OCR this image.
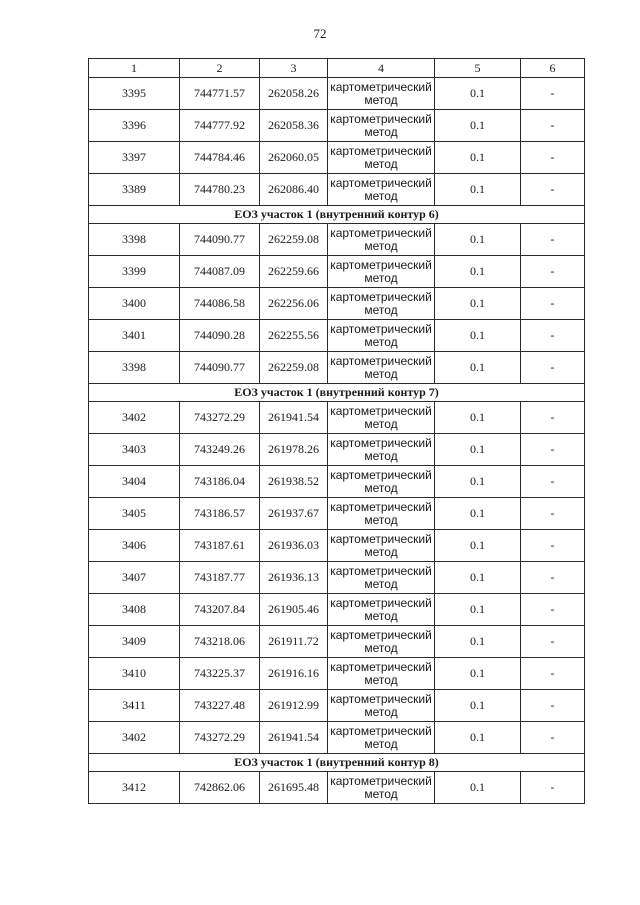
72
1	2	3	4	5	6
3395	744771.57	262058.26	картометрический метод	0.1	-
3396	744777.92	262058.36	картометрический метод	0.1	-
3397	744784.46	262060.05	картометрический метод	0.1	-
3389	744780.23	262086.40	картометрический метод	0.1	-
ЕОЗ участок 1 (внутренний контур 6)					
3398	744090.77	262259.08	картометрический метод	0.1	-
3399	744087.09	262259.66	картометрический метод	0.1	-
3400	744086.58	262256.06	картометрический метод	0.1	-
3401	744090.28	262255.56	картометрический метод	0.1	-
3398	744090.77	262259.08	картометрический метод	0.1	-
ЕОЗ участок 1 (внутренний контур 7)					
3402	743272.29	261941.54	картометрический метод	0.1	-
3403	743249.26	261978.26	картометрический метод	0.1	-
3404	743186.04	261938.52	картометрический метод	0.1	-
3405	743186.57	261937.67	картометрический метод	0.1	-
3406	743187.61	261936.03	картометрический метод	0.1	-
3407	743187.77	261936.13	картометрический метод	0.1	-
3408	743207.84	261905.46	картометрический метод	0.1	-
3409	743218.06	261911.72	картометрический метод	0.1	-
3410	743225.37	261916.16	картометрический метод	0.1	-
3411	743227.48	261912.99	картометрический метод	0.1	-
3402	743272.29	261941.54	картометрический метод	0.1	-
ЕОЗ участок 1 (внутренний контур 8)					
3412	742862.06	261695.48	картометрический метод	0.1	-
